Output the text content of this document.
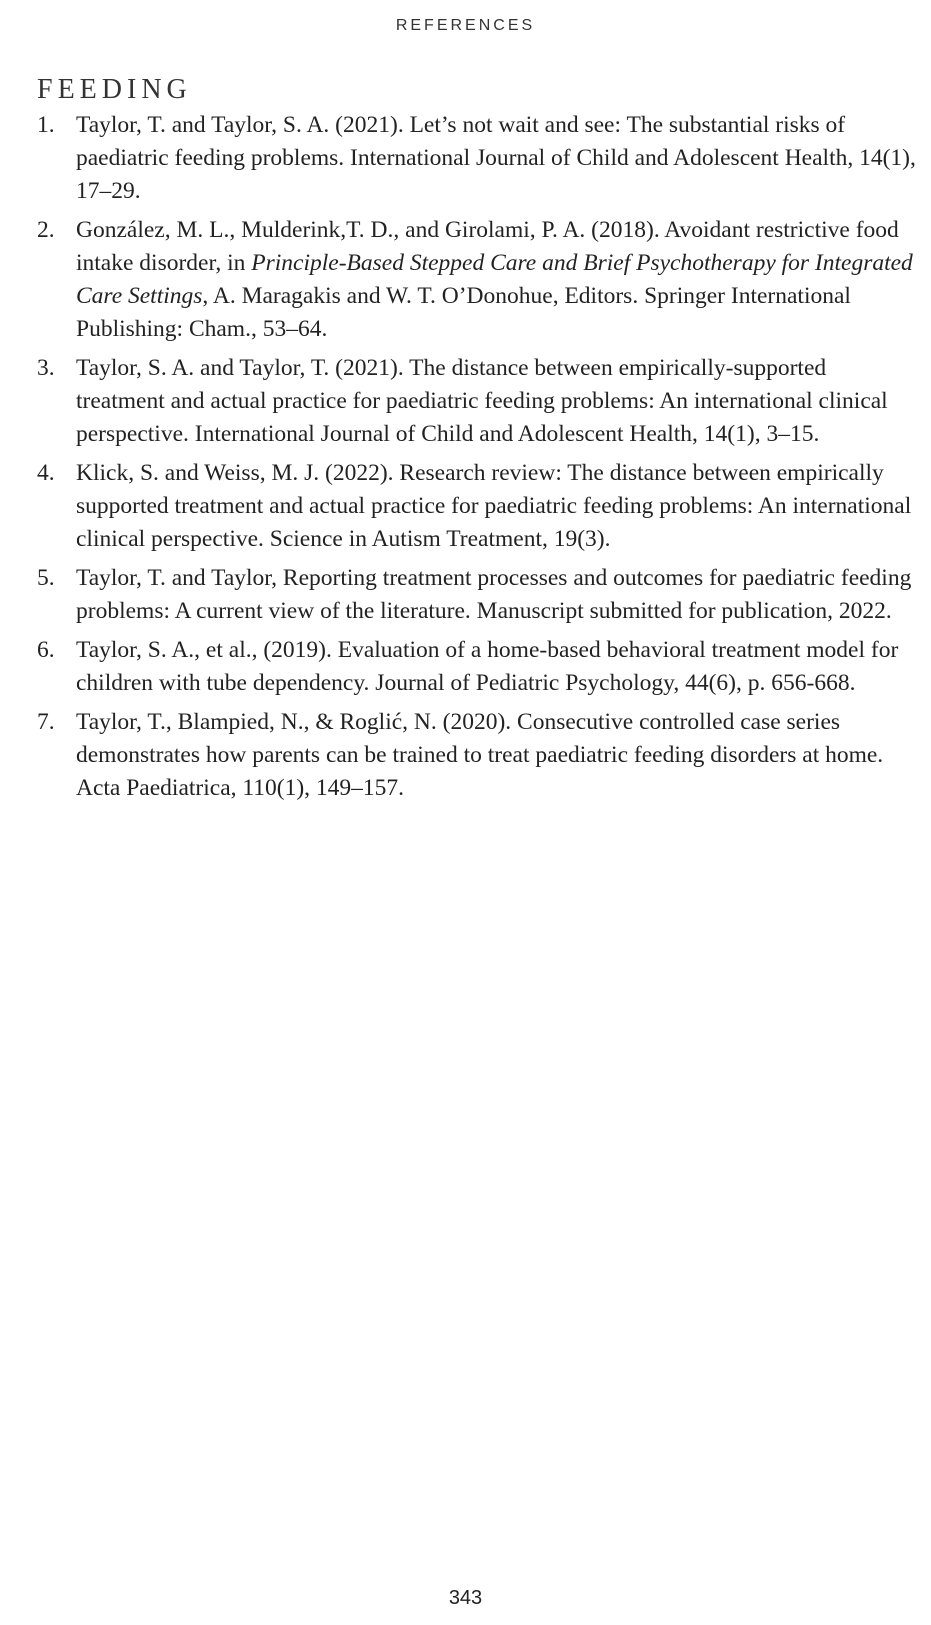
REFERENCES
FEEDING
1. Taylor, T. and Taylor, S. A. (2021). Let’s not wait and see: The substantial risks of paediatric feeding problems. International Journal of Child and Adolescent Health, 14(1), 17–29.
2. González, M. L., Mulderink,T. D., and Girolami, P. A. (2018). Avoidant restrictive food intake disorder, in Principle-Based Stepped Care and Brief Psychotherapy for Integrated Care Settings, A. Maragakis and W. T. O’Donohue, Editors. Springer International Publishing: Cham., 53–64.
3. Taylor, S. A. and Taylor, T. (2021). The distance between empirically-supported treatment and actual practice for paediatric feeding problems: An international clinical perspective. International Journal of Child and Adolescent Health, 14(1), 3–15.
4. Klick, S. and Weiss, M. J. (2022). Research review: The distance between empirically supported treatment and actual practice for paediatric feeding problems: An international clinical perspective. Science in Autism Treatment, 19(3).
5. Taylor, T. and Taylor, Reporting treatment processes and outcomes for paediatric feeding problems: A current view of the literature. Manuscript submitted for publication, 2022.
6. Taylor, S. A., et al., (2019). Evaluation of a home-based behavioral treatment model for children with tube dependency. Journal of Pediatric Psychology, 44(6), p. 656-668.
7. Taylor, T., Blampied, N., & Roglić, N. (2020). Consecutive controlled case series demonstrates how parents can be trained to treat paediatric feeding disorders at home. Acta Paediatrica, 110(1), 149–157.
343
